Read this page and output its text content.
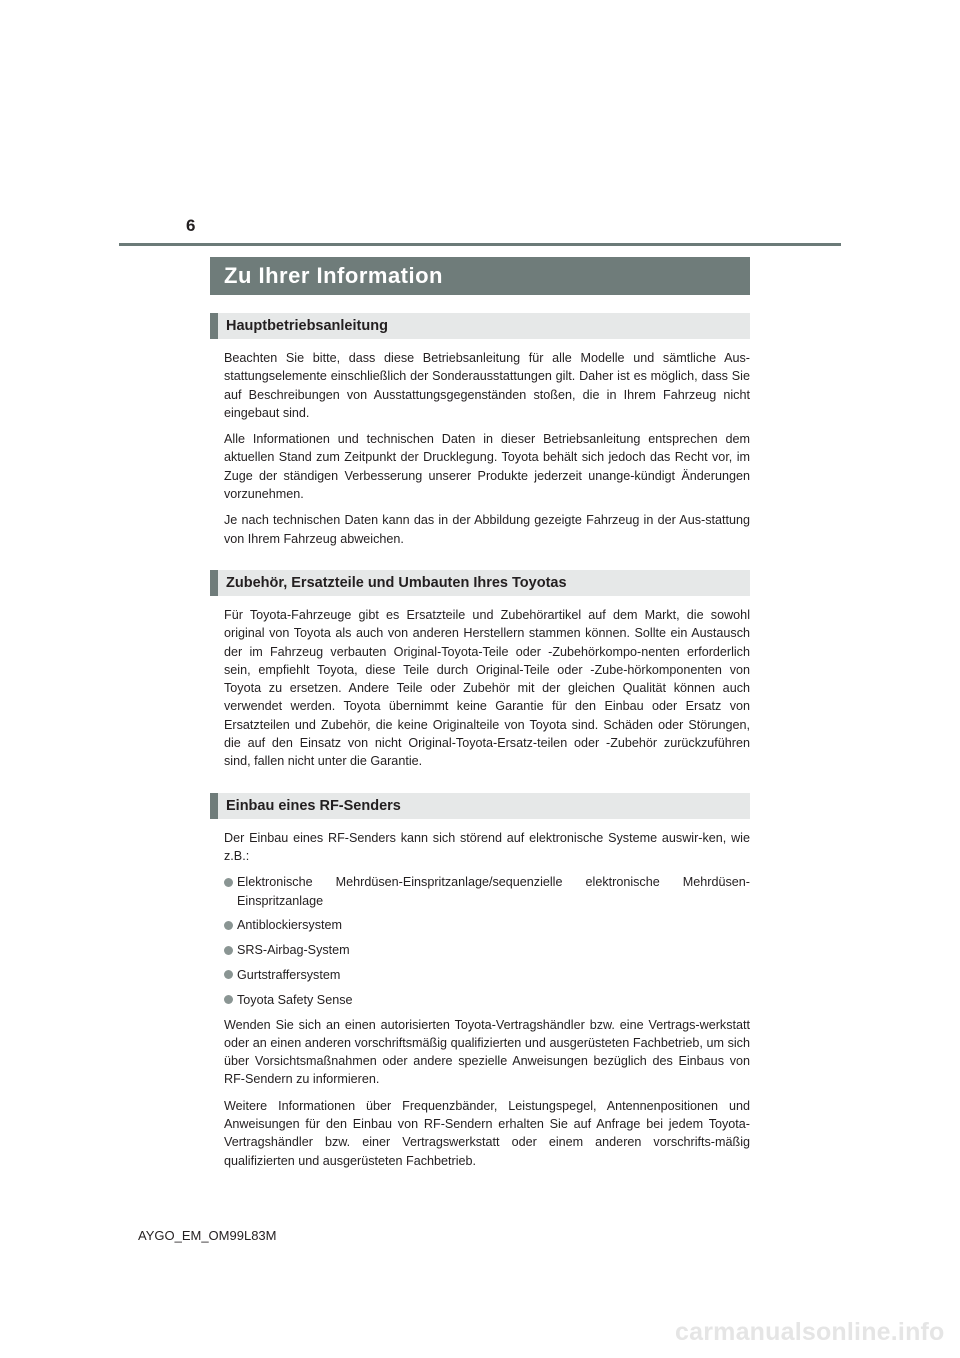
6
Zu Ihrer Information
Hauptbetriebsanleitung

Beachten Sie bitte, dass diese Betriebsanleitung für alle Modelle und sämtliche Aus-stattungselemente einschließlich der Sonderausstattungen gilt. Daher ist es möglich, dass Sie auf Beschreibungen von Ausstattungsgegenständen stoßen, die in Ihrem Fahrzeug nicht eingebaut sind.

Alle Informationen und technischen Daten in dieser Betriebsanleitung entsprechen dem aktuellen Stand zum Zeitpunkt der Drucklegung. Toyota behält sich jedoch das Recht vor, im Zuge der ständigen Verbesserung unserer Produkte jederzeit unange-kündigt Änderungen vorzunehmen.

Je nach technischen Daten kann das in der Abbildung gezeigte Fahrzeug in der Aus-stattung von Ihrem Fahrzeug abweichen.

Zubehör, Ersatzteile und Umbauten Ihres Toyotas

Für Toyota-Fahrzeuge gibt es Ersatzteile und Zubehörartikel auf dem Markt, die sowohl original von Toyota als auch von anderen Herstellern stammen können. Sollte ein Austausch der im Fahrzeug verbauten Original-Toyota-Teile oder -Zubehörkompo-nenten erforderlich sein, empfiehlt Toyota, diese Teile durch Original-Teile oder -Zube-hörkomponenten von Toyota zu ersetzen. Andere Teile oder Zubehör mit der gleichen Qualität können auch verwendet werden. Toyota übernimmt keine Garantie für den Einbau oder Ersatz von Ersatzteilen und Zubehör, die keine Originalteile von Toyota sind. Schäden oder Störungen, die auf den Einsatz von nicht Original-Toyota-Ersatz-teilen oder -Zubehör zurückzuführen sind, fallen nicht unter die Garantie.

Einbau eines RF-Senders

Der Einbau eines RF-Senders kann sich störend auf elektronische Systeme auswir-ken, wie z.B.:

Elektronische Mehrdüsen-Einspritzanlage/sequenzielle elektronische Mehrdüsen-Einspritzanlage
Antiblockiersystem
SRS-Airbag-System
Gurtstraffersystem
Toyota Safety Sense

Wenden Sie sich an einen autorisierten Toyota-Vertragshändler bzw. eine Vertrags-werkstatt oder an einen anderen vorschriftsmäßig qualifizierten und ausgerüsteten Fachbetrieb, um sich über Vorsichtsmaßnahmen oder andere spezielle Anweisungen bezüglich des Einbaus von RF-Sendern zu informieren.

Weitere Informationen über Frequenzbänder, Leistungspegel, Antennenpositionen und Anweisungen für den Einbau von RF-Sendern erhalten Sie auf Anfrage bei jedem Toyota-Vertragshändler bzw. einer Vertragswerkstatt oder einem anderen vorschrifts-mäßig qualifizierten und ausgerüsteten Fachbetrieb.

AYGO_EM_OM99L83M
carmanualsonline.info
